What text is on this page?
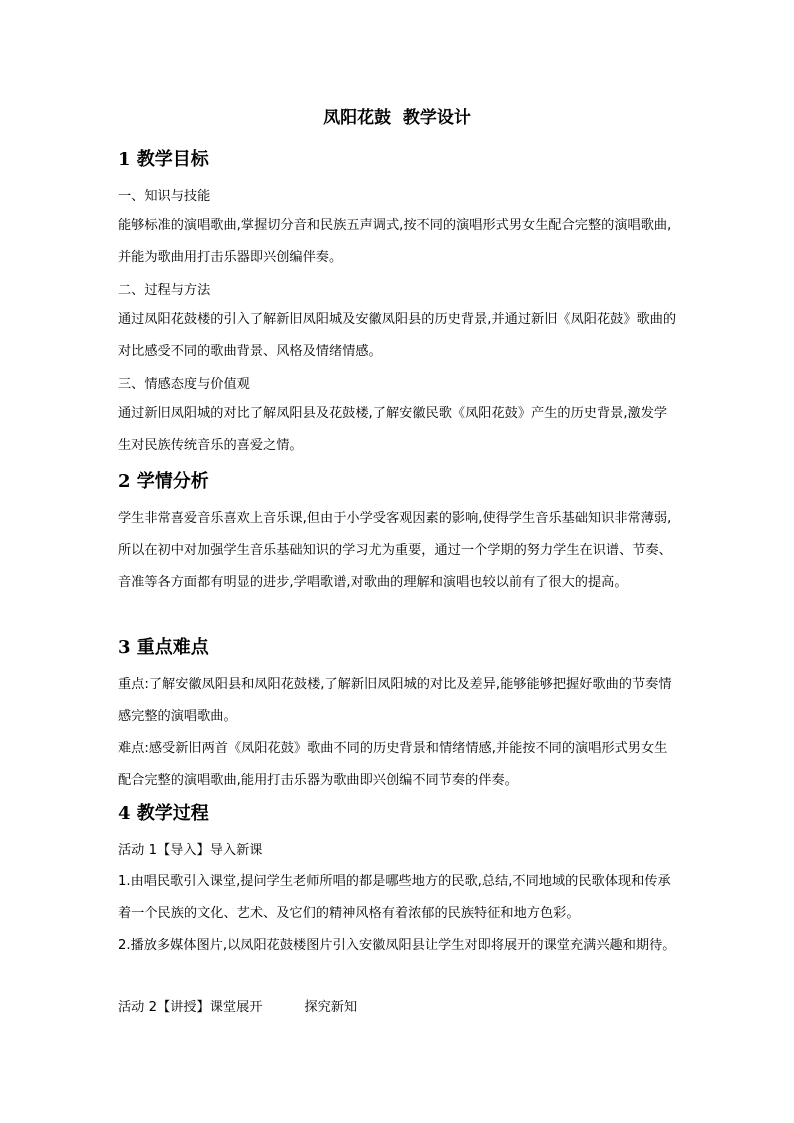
凤阳花鼓  教学设计
1 教学目标
一、知识与技能
能够标准的演唱歌曲,掌握切分音和民族五声调式,按不同的演唱形式男女生配合完整的演唱歌曲,并能为歌曲用打击乐器即兴创编伴奏。
二、过程与方法
通过凤阳花鼓楼的引入了解新旧凤阳城及安徽凤阳县的历史背景,并通过新旧《凤阳花鼓》歌曲的对比感受不同的歌曲背景、风格及情绪情感。
三、情感态度与价值观
通过新旧凤阳城的对比了解凤阳县及花鼓楼,了解安徽民歌《凤阳花鼓》产生的历史背景,激发学生对民族传统音乐的喜爱之情。
2 学情分析
学生非常喜爱音乐喜欢上音乐课,但由于小学受客观因素的影响,使得学生音乐基础知识非常薄弱,所以在初中对加强学生音乐基础知识的学习尤为重要，通过一个学期的努力学生在识谱、节奏、音准等各方面都有明显的进步,学唱歌谱,对歌曲的理解和演唱也较以前有了很大的提高。
3 重点难点
重点:了解安徽凤阳县和凤阳花鼓楼,了解新旧凤阳城的对比及差异,能够能够把握好歌曲的节奏情感完整的演唱歌曲。
难点:感受新旧两首《凤阳花鼓》歌曲不同的历史背景和情绪情感,并能按不同的演唱形式男女生配合完整的演唱歌曲,能用打击乐器为歌曲即兴创编不同节奏的伴奏。
4 教学过程
活动 1【导入】导入新课
1.由唱民歌引入课堂,提问学生老师所唱的都是哪些地方的民歌,总结,不同地域的民歌体现和传承着一个民族的文化、艺术、及它们的精神风格有着浓郁的民族特征和地方色彩。
2.播放多媒体图片,以凤阳花鼓楼图片引入安徽凤阳县让学生对即将展开的课堂充满兴趣和期待。
活动 2【讲授】课堂展开          探究新知
